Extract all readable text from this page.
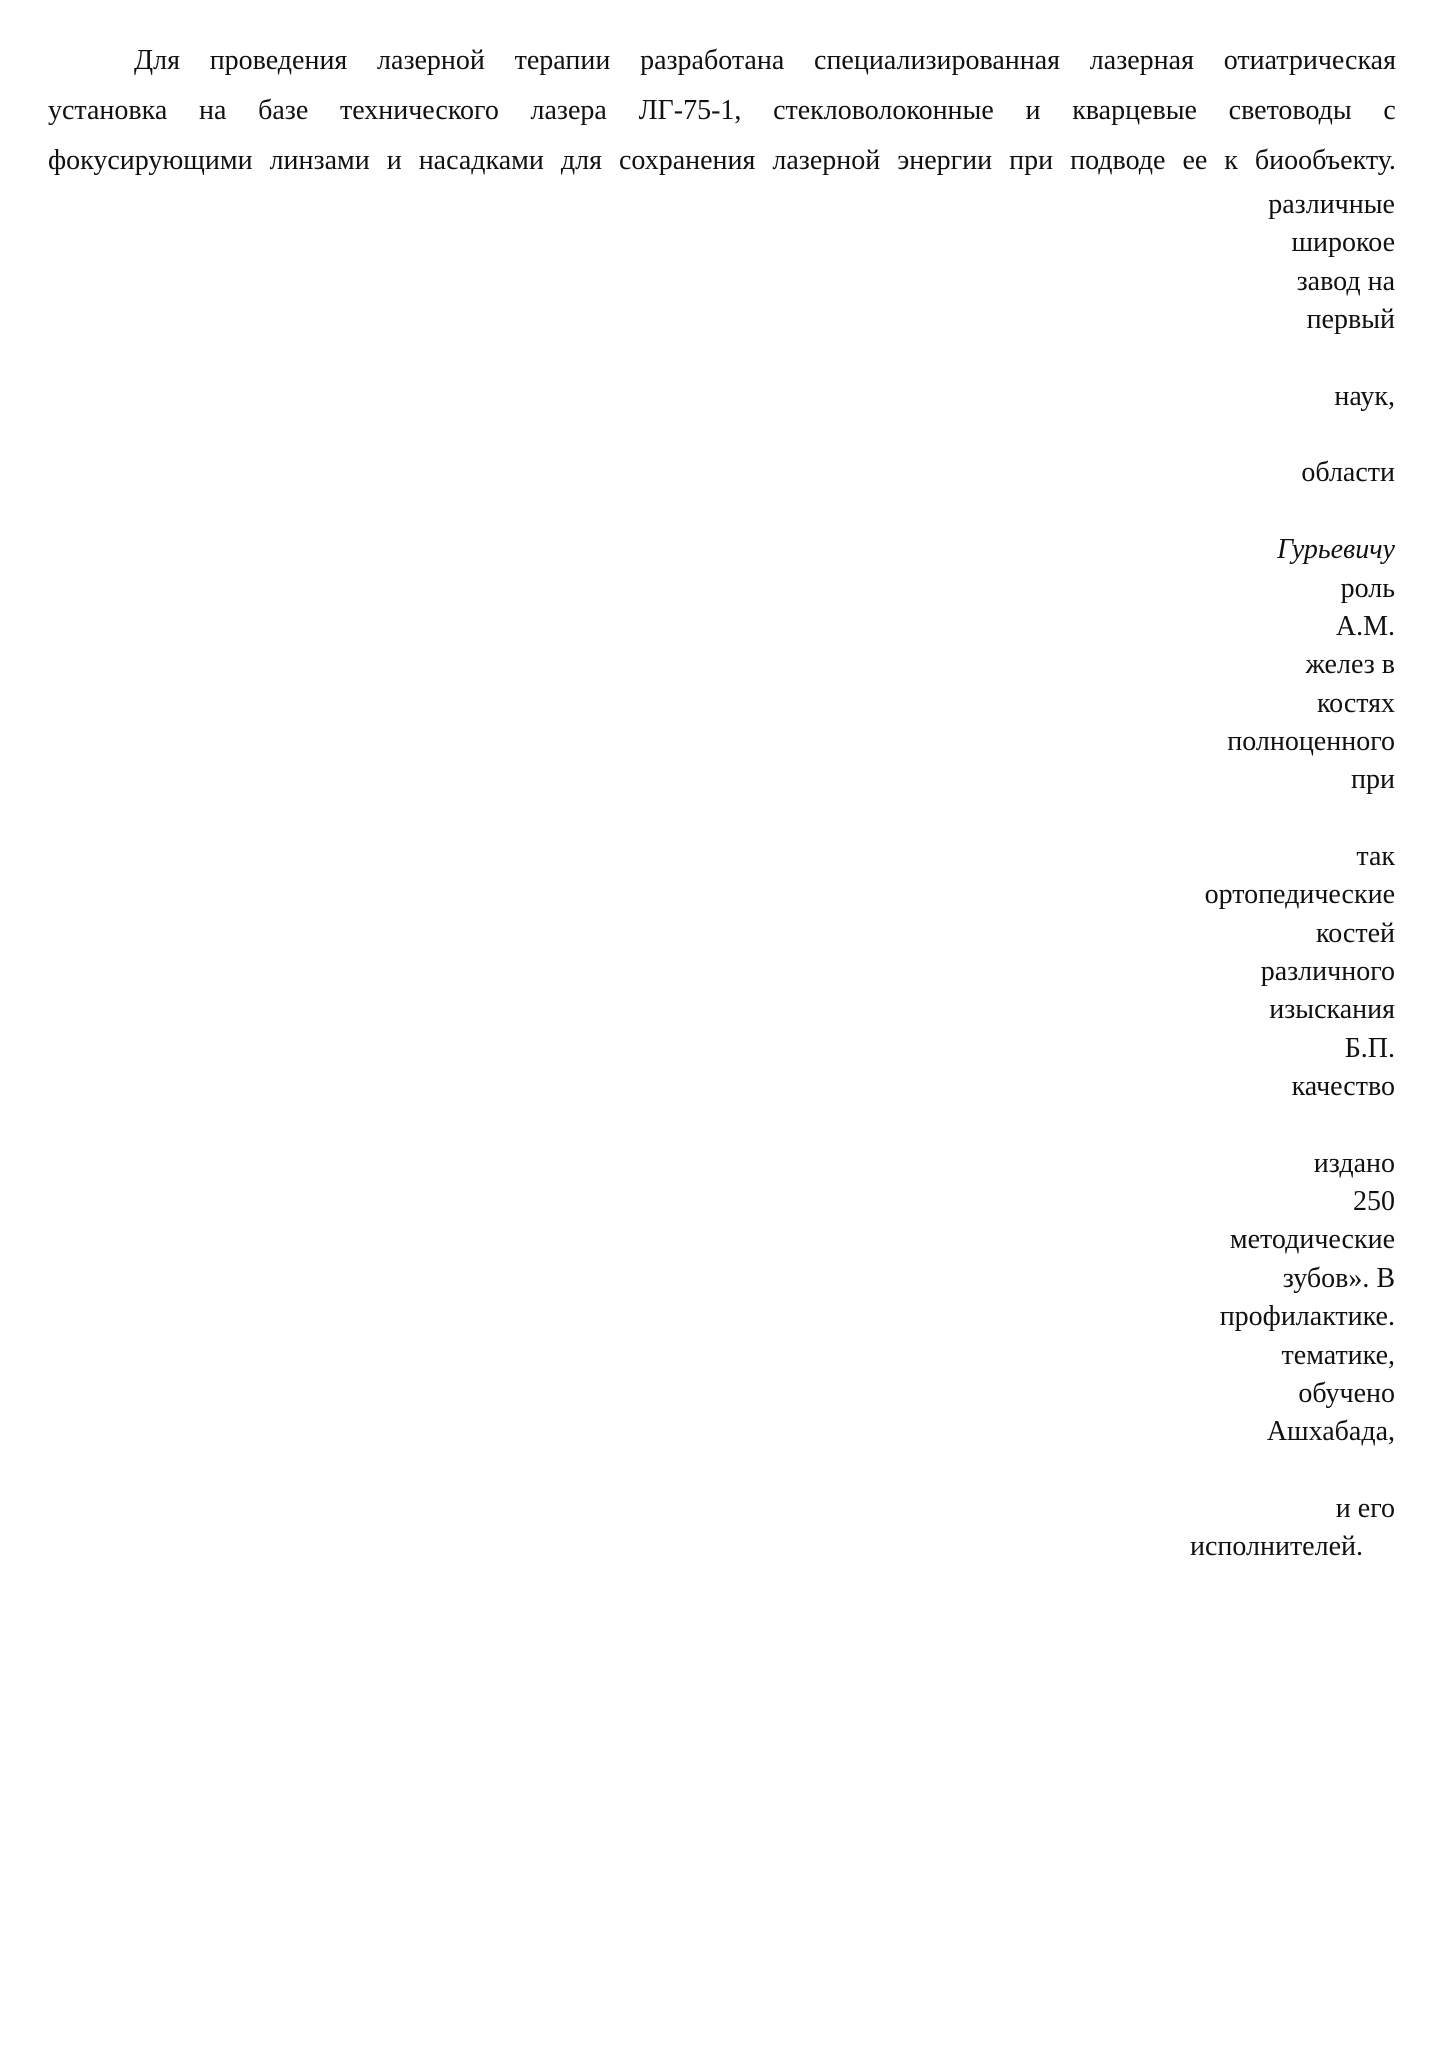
Для проведения лазерной терапии разработана специализированная лазерная отиатрическая
установка на базе технического лазера ЛГ-75-1, стекловолоконные и кварцевые световоды с
фокусирующими линзами и насадками для сохранения лазерной энергии при подводе ее к биообъекту.
различные
широкое
завод на
первый
наук,
области
Гурьевичу
роль
А.М.
желез в
костях
полноценного
при
так
ортопедические
костей
различного
изыскания
Б.П.
качество
издано
250
методические
зубов». В
профилактике.
тематике,
обучено
Ашхабада,
и его
исполнителей.
